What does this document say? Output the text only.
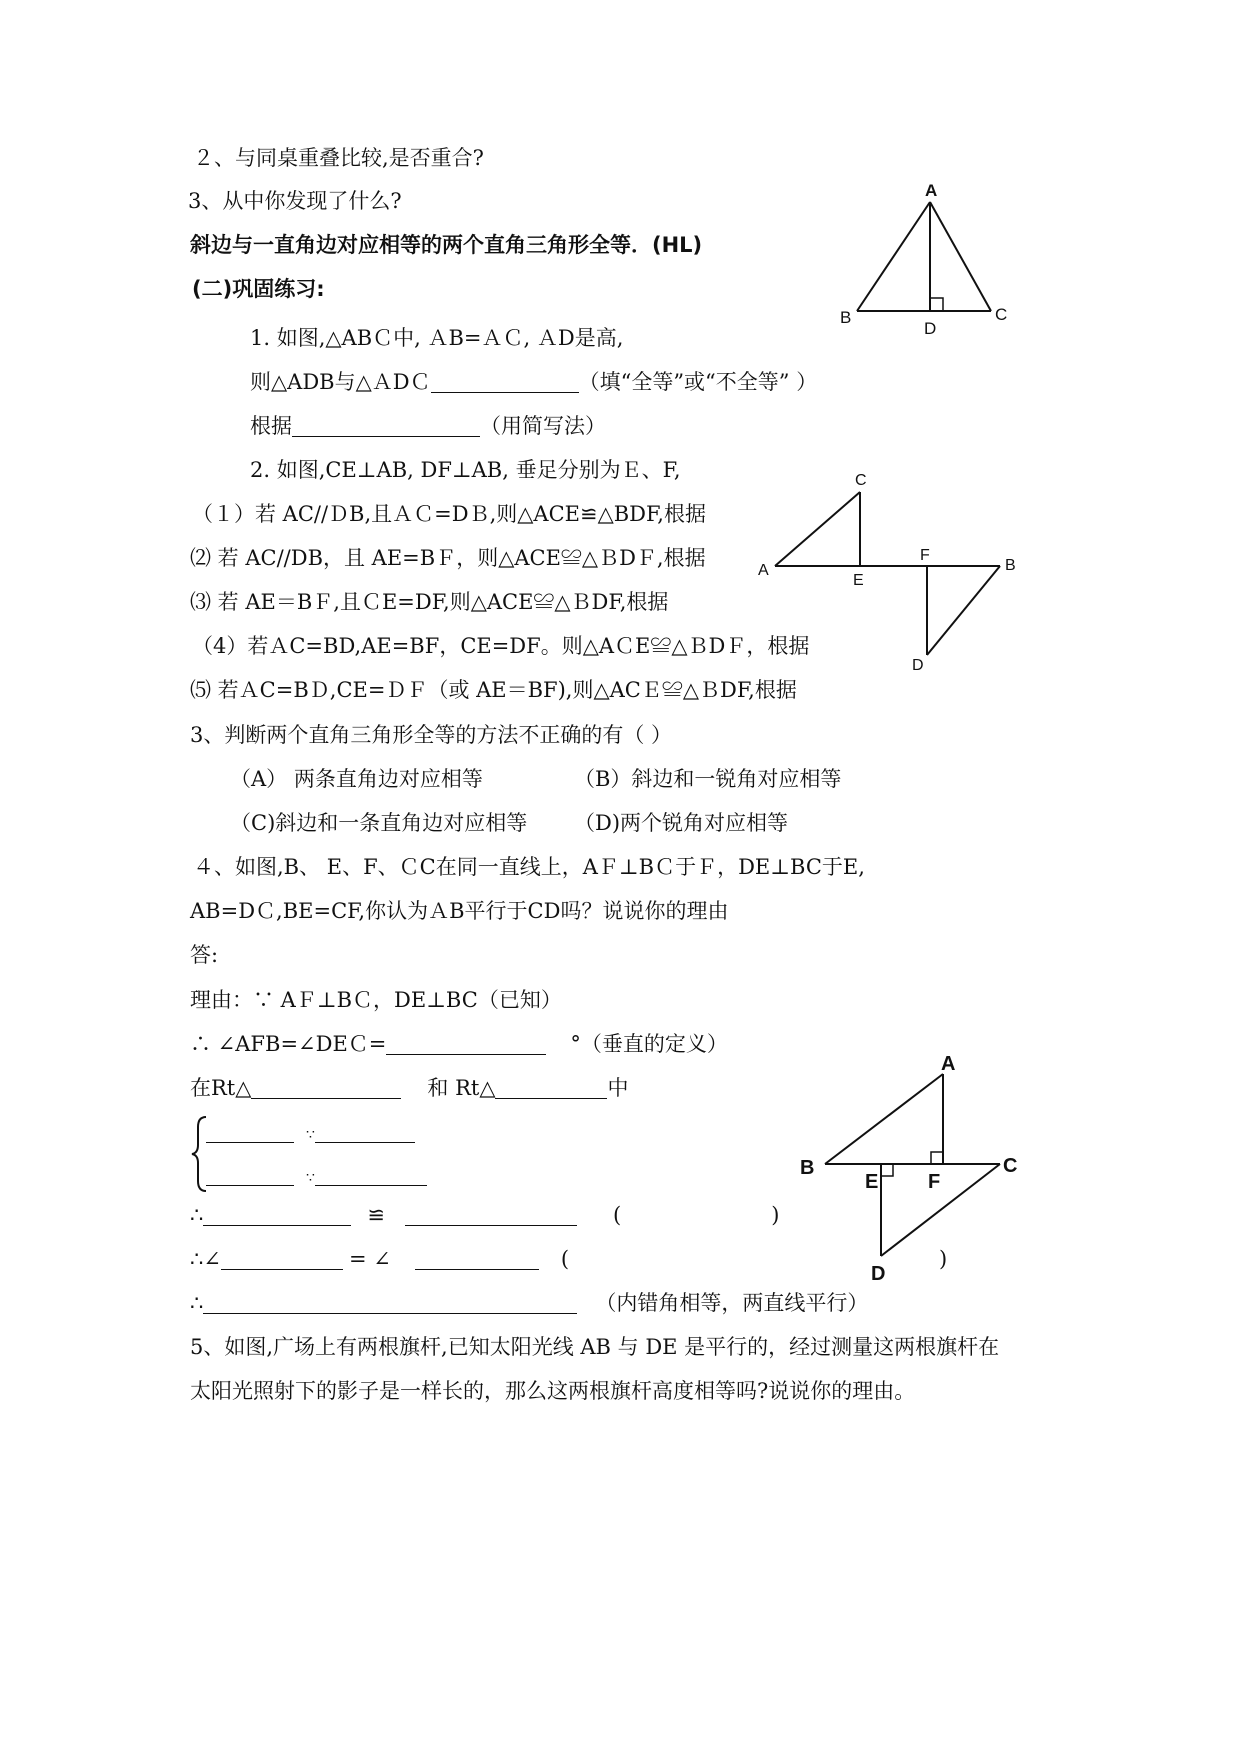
２、与同桌重叠比较,是否重合?
3、从中你发现了什么?
斜边与一直角边对应相等的两个直角三角形全等．(HL)
(二)巩固练习:
1. 如图,△ABＣ中, ＡB=ＡＣ, ＡD是高,
则△ADB与△ＡDＣ	（填“全等”或“不全等” ）
根据	（用简写法）
2. 如图,CE⊥AB, DF⊥AB, 垂足分别为Ｅ、F,
（１）若 AC//ＤB,且ＡＣ=DＢ,则△ACE≌△BDF,根据
⑵ 若 AC//DB，且 AE=BＦ，则△ACE≌△ＢDＦ,根据
⑶ 若 AE＝BＦ,且ＣE=DF,则△ACE≌△ＢDF,根据
（4）若ＡC=BD,AE=BF，CE=DF。则△AＣE≌△ＢDＦ，根据
⑸ 若ＡC=BＤ,CE=ＤＦ（或 AE＝BF),则△ACＥ≌△ＢDF,根据
3、判断两个直角三角形全等的方法不正确的有（ ）
（A） 两条直角边对应相等	（B）斜边和一锐角对应相等
（C)斜边和一条直角边对应相等 （D)两个锐角对应相等
４、如图,B、 E、F、ＣC在同一直线上，AＦ⊥BＣ于Ｆ，DE⊥BC于E,
AB=DＣ,BE=CF,你认为ＡB平行于CD吗？说说你的理由
答:
理由：∵ AＦ⊥BＣ，DE⊥BC（已知）
∴ ∠AFB=∠DEＣ=	°（垂直的定义）
在Rt△	和 Rt△	中
∵
∵
∴	≌	(	)
∴∠	= ∠	(	)
∴	（内错角相等，两直线平行）
5、如图,广场上有两根旗杆,已知太阳光线 AB 与 DE 是平行的，经过测量这两根旗杆在
太阳光照射下的影子是一样长的，那么这两根旗杆高度相等吗?说说你的理由。
A
B	C
D
C
A
E
F
B
D
A
B
E F
C
D
